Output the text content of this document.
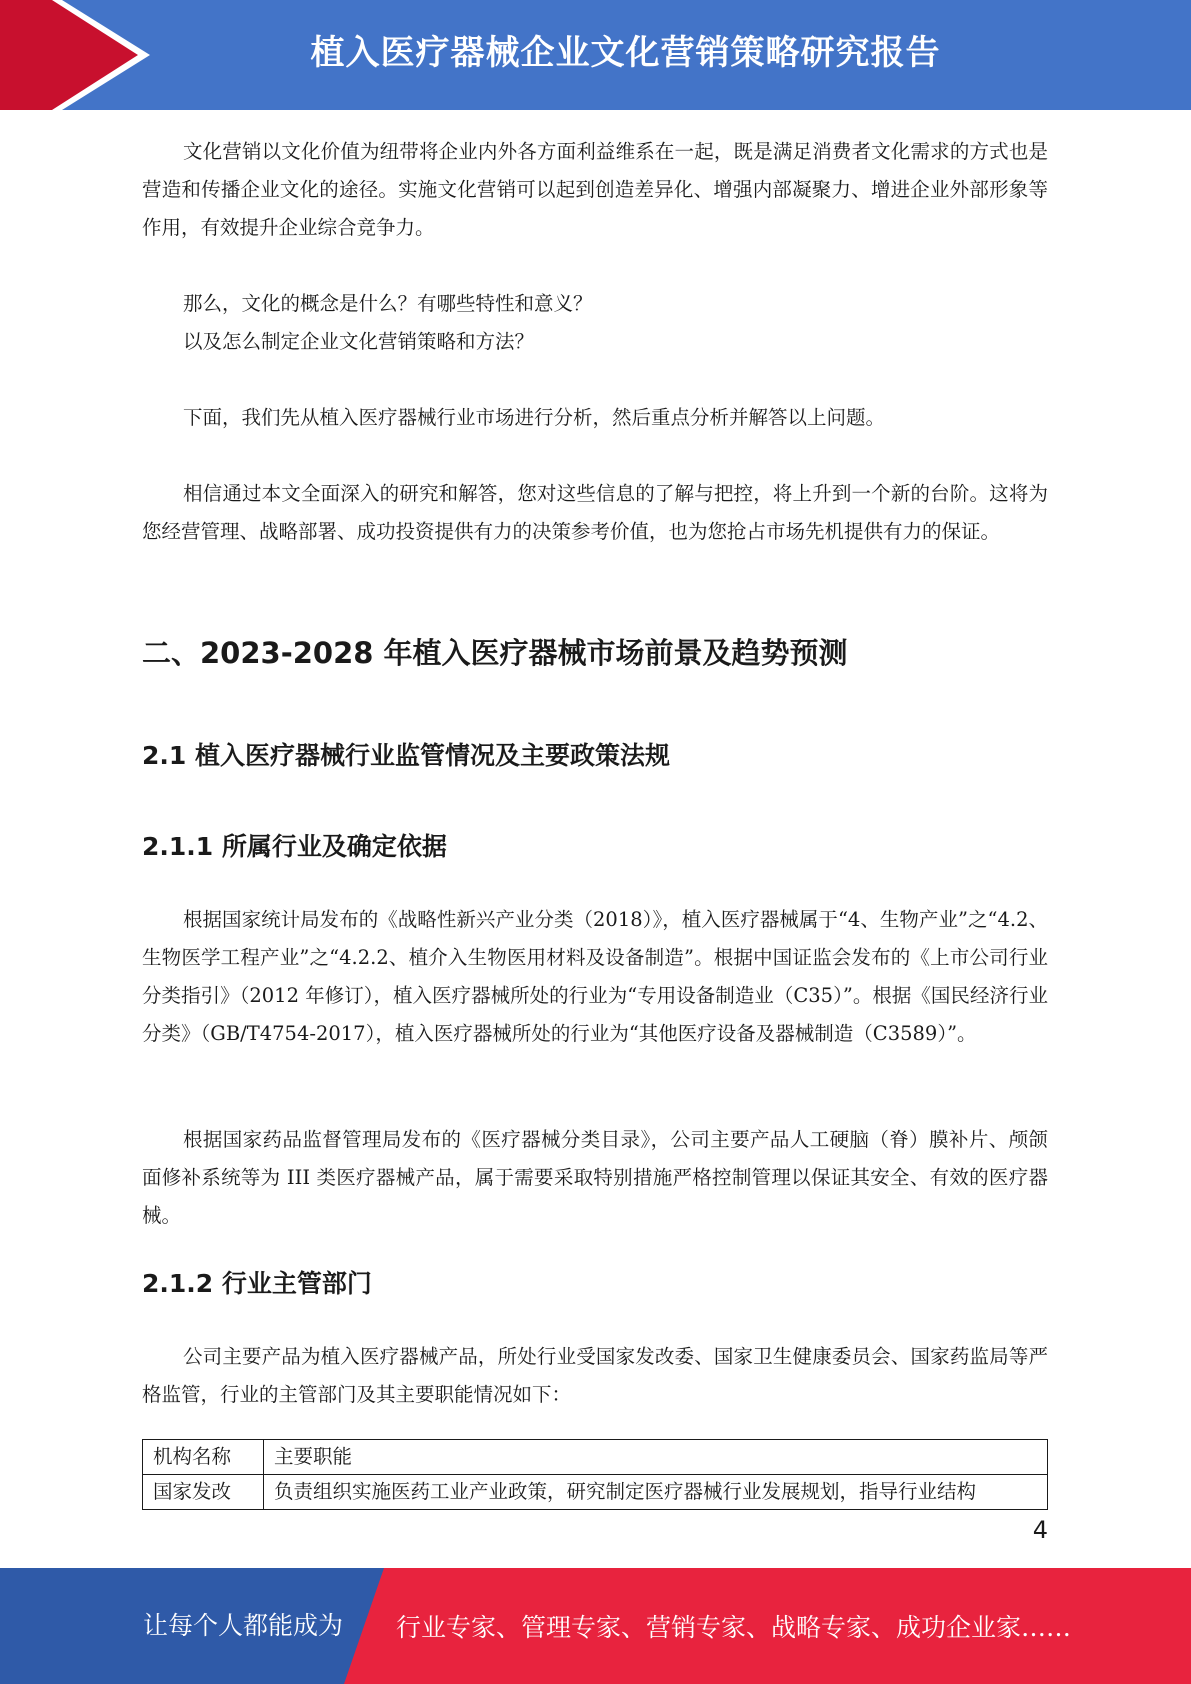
植入医疗器械企业文化营销策略研究报告

文化营销以文化价值为纽带将企业内外各方面利益维系在一起，既是满足消费者文化需求的方式也是营造和传播企业文化的途径。实施文化营销可以起到创造差异化、增强内部凝聚力、增进企业外部形象等作用，有效提升企业综合竞争力。

那么，文化的概念是什么？有哪些特性和意义？

以及怎么制定企业文化营销策略和方法？

下面，我们先从植入医疗器械行业市场进行分析，然后重点分析并解答以上问题。

相信通过本文全面深入的研究和解答，您对这些信息的了解与把控，将上升到一个新的台阶。这将为您经营管理、战略部署、成功投资提供有力的决策参考价值，也为您抢占市场先机提供有力的保证。

二、2023-2028 年植入医疗器械市场前景及趋势预测
2.1 植入医疗器械行业监管情况及主要政策法规
2.1.1 所属行业及确定依据

根据国家统计局发布的《战略性新兴产业分类（2018）》，植入医疗器械属于“4、生物产业”之“4.2、生物医学工程产业”之“4.2.2、植介入生物医用材料及设备制造”。根据中国证监会发布的《上市公司行业分类指引》（2012 年修订），植入医疗器械所处的行业为“专用设备制造业（C35）”。根据《国民经济行业分类》（GB/T4754-2017），植入医疗器械所处的行业为“其他医疗设备及器械制造（C3589）”。

根据国家药品监督管理局发布的《医疗器械分类目录》，公司主要产品人工硬脑（脊）膜补片、颅颌面修补系统等为 III 类医疗器械产品，属于需要采取特别措施严格控制管理以保证其安全、有效的医疗器械。

2.1.2 行业主管部门

公司主要产品为植入医疗器械产品，所处行业受国家发改委、国家卫生健康委员会、国家药监局等严格监管，行业的主管部门及其主要职能情况如下：

机构名称	主要职能
国家发改	负责组织实施医药工业产业政策，研究制定医疗器械行业发展规划，指导行业结构
4
让每个人都能成为 行业专家、管理专家、营销专家、战略专家、成功企业家……
